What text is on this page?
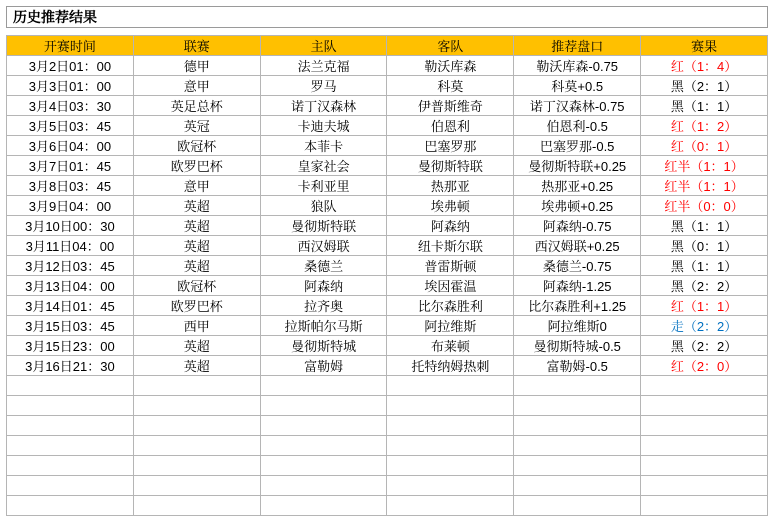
历史推荐结果
开赛时间	联赛	主队	客队	推荐盘口	赛果
3月2日01：00	德甲	法兰克福	勒沃库森	勒沃库森-0.75	红（1：4）
3月3日01：00	意甲	罗马	科莫	科莫+0.5	黑（2：1）
3月4日03：30	英足总杯	诺丁汉森林	伊普斯维奇	诺丁汉森林-0.75	黑（1：1）
3月5日03：45	英冠	卡迪夫城	伯恩利	伯恩利-0.5	红（1：2）
3月6日04：00	欧冠杯	本菲卡	巴塞罗那	巴塞罗那-0.5	红（0：1）
3月7日01：45	欧罗巴杯	皇家社会	曼彻斯特联	曼彻斯特联+0.25	红半（1：1）
3月8日03：45	意甲	卡利亚里	热那亚	热那亚+0.25	红半（1：1）
3月9日04：00	英超	狼队	埃弗顿	埃弗顿+0.25	红半（0：0）
3月10日00：30	英超	曼彻斯特联	阿森纳	阿森纳-0.75	黑（1：1）
3月11日04：00	英超	西汉姆联	纽卡斯尔联	西汉姆联+0.25	黑（0：1）
3月12日03：45	英超	桑德兰	普雷斯顿	桑德兰-0.75	黑（1：1）
3月13日04：00	欧冠杯	阿森纳	埃因霍温	阿森纳-1.25	黑（2：2）
3月14日01：45	欧罗巴杯	拉齐奥	比尔森胜利	比尔森胜利+1.25	红（1：1）
3月15日03：45	西甲	拉斯帕尔马斯	阿拉维斯	阿拉维斯0	走（2：2）
3月15日23：00	英超	曼彻斯特城	布莱顿	曼彻斯特城-0.5	黑（2：2）
3月16日21：30	英超	富勒姆	托特纳姆热刺	富勒姆-0.5	红（2：0）
